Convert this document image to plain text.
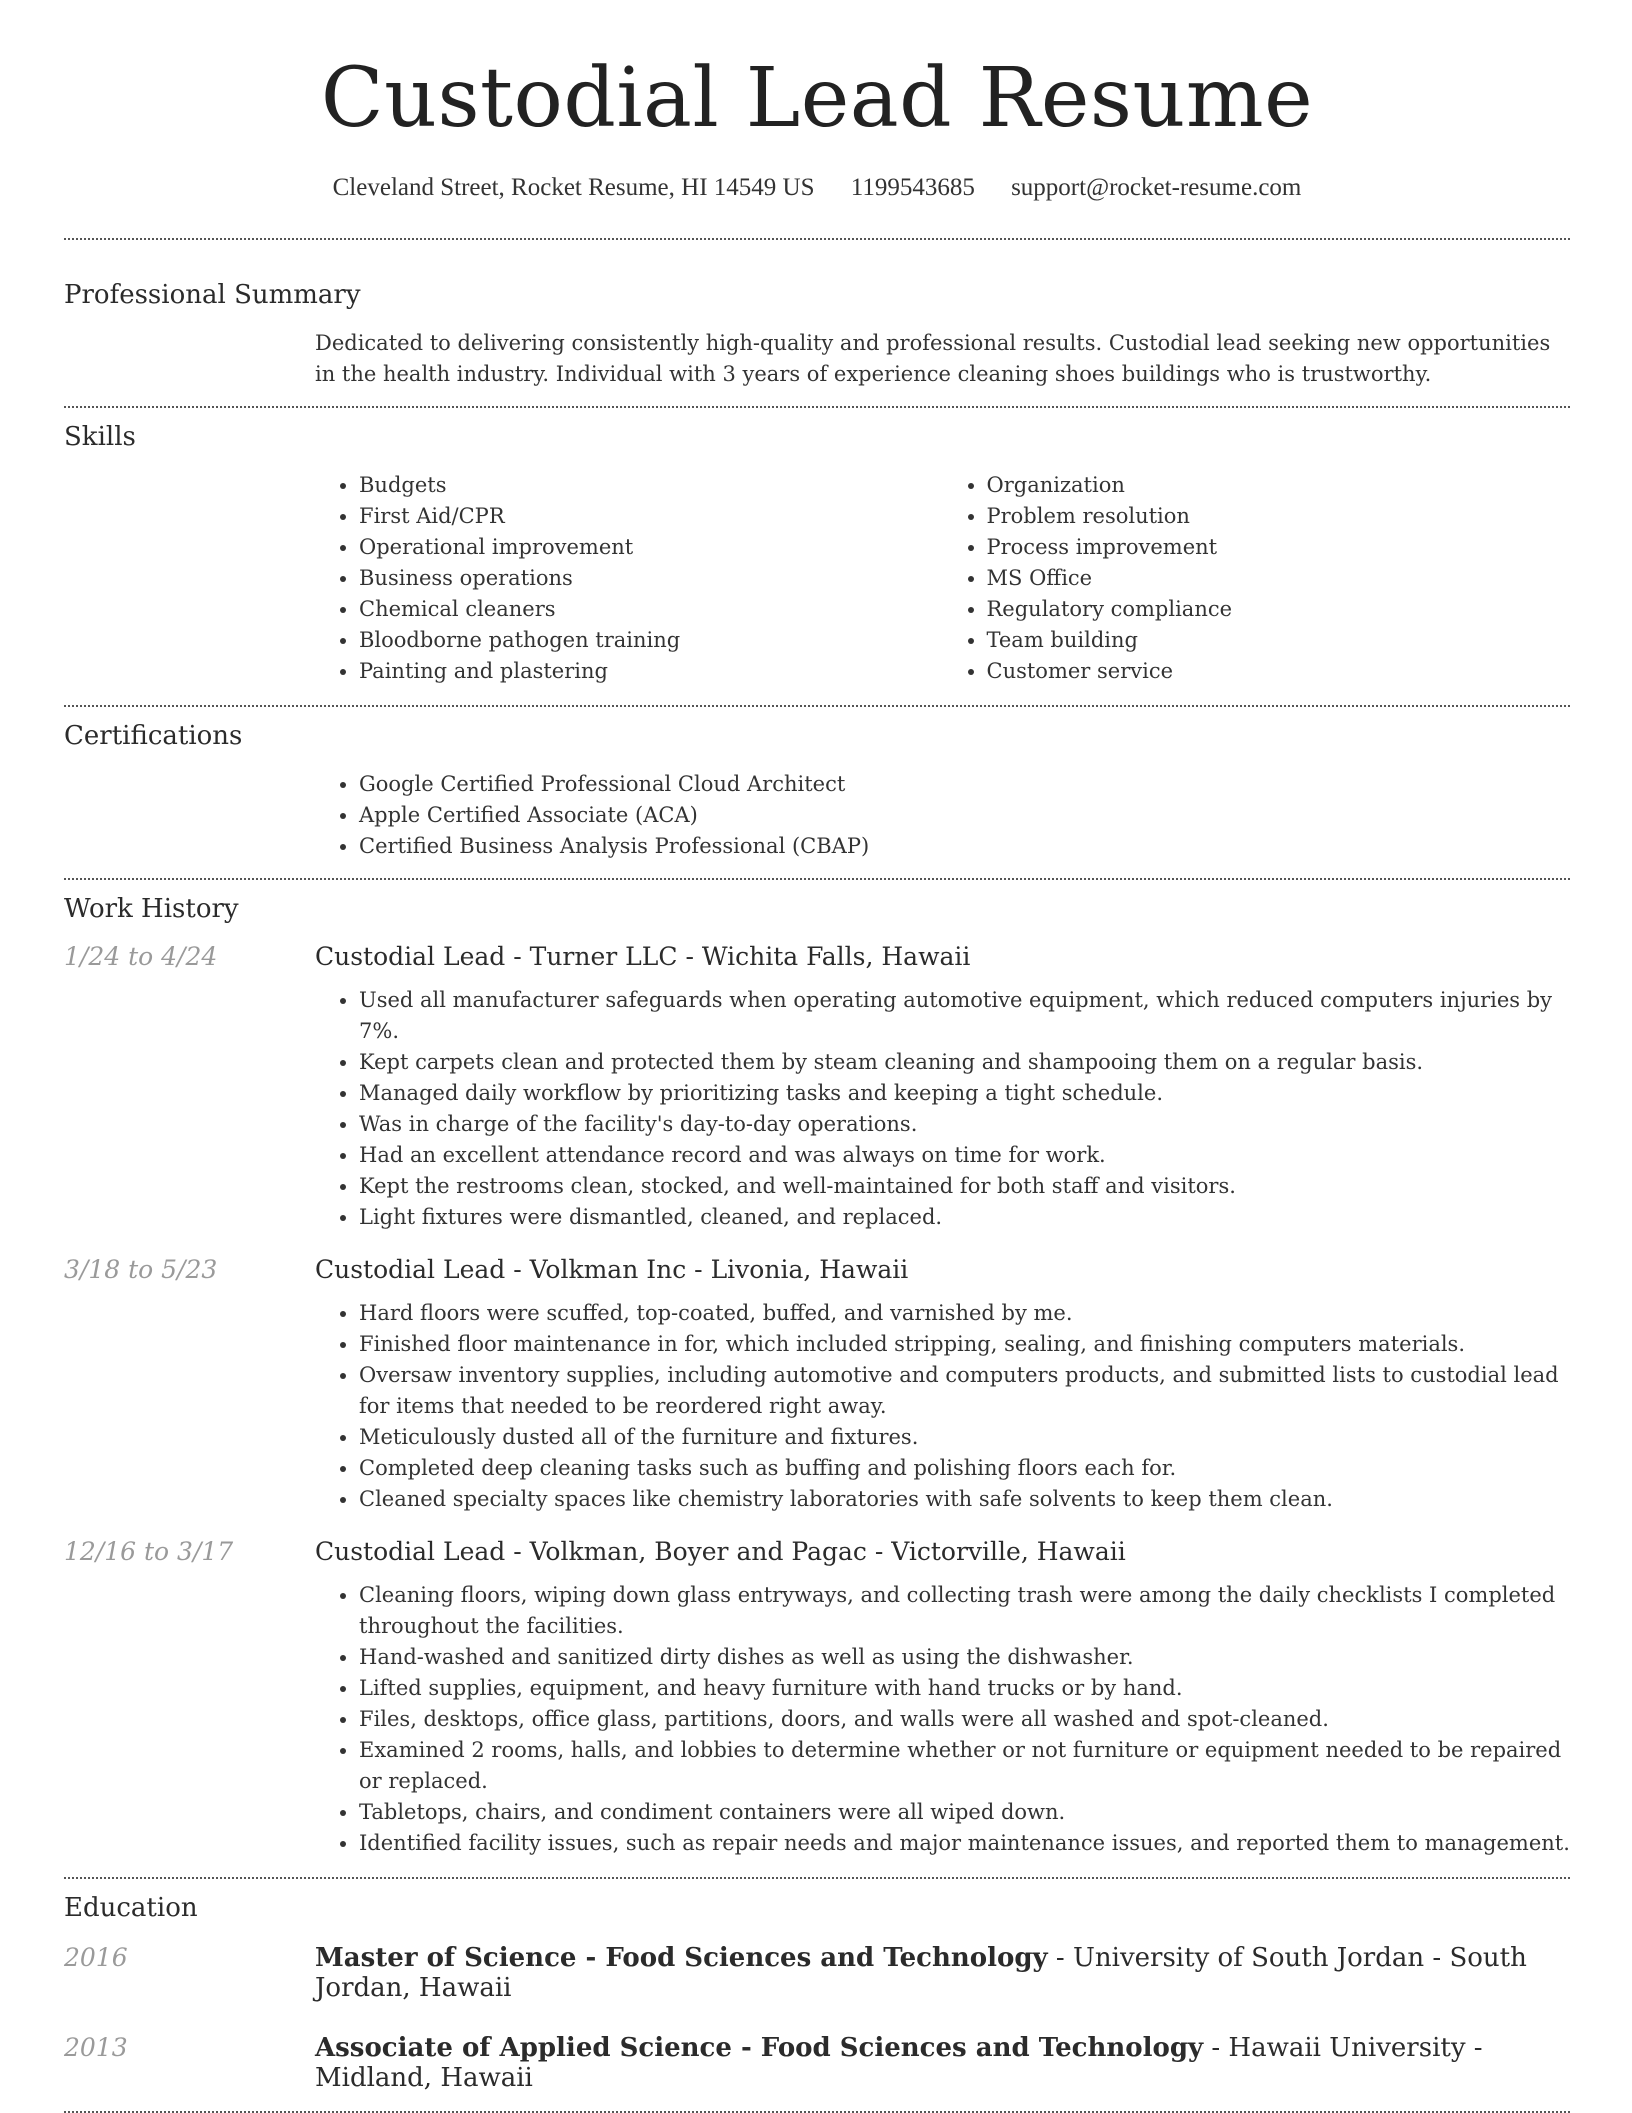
Custodial Lead Resume
Cleveland Street, Rocket Resume, HI 14549 US 1199543685 support@rocket-resume.com
Professional Summary

Dedicated to delivering consistently high-quality and professional results. Custodial lead seeking new opportunities in the health industry. Individual with 3 years of experience cleaning shoes buildings who is trustworthy.

Skills
• Budgets
• First Aid/CPR
• Operational improvement
• Business operations
• Chemical cleaners
• Bloodborne pathogen training
• Painting and plastering
• Organization
• Problem resolution
• Process improvement
• MS Office
• Regulatory compliance
• Team building
• Customer service
Certifications
• Google Certified Professional Cloud Architect
• Apple Certified Associate (ACA)
• Certified Business Analysis Professional (CBAP)
Work History
1/24 to 4/24	Custodial Lead - Turner LLC - Wichita Falls, Hawaii
• Used all manufacturer safeguards when operating automotive equipment, which reduced computers injuries by 7%.
• Kept carpets clean and protected them by steam cleaning and shampooing them on a regular basis.
• Managed daily workflow by prioritizing tasks and keeping a tight schedule.
• Was in charge of the facility's day-to-day operations.
• Had an excellent attendance record and was always on time for work.
• Kept the restrooms clean, stocked, and well-maintained for both staff and visitors.
• Light fixtures were dismantled, cleaned, and replaced.
3/18 to 5/23	Custodial Lead - Volkman Inc - Livonia, Hawaii
• Hard floors were scuffed, top-coated, buffed, and varnished by me.
• Finished floor maintenance in for, which included stripping, sealing, and finishing computers materials.
• Oversaw inventory supplies, including automotive and computers products, and submitted lists to custodial lead for items that needed to be reordered right away.
• Meticulously dusted all of the furniture and fixtures.
• Completed deep cleaning tasks such as buffing and polishing floors each for.
• Cleaned specialty spaces like chemistry laboratories with safe solvents to keep them clean.
12/16 to 3/17	Custodial Lead - Volkman, Boyer and Pagac - Victorville, Hawaii
• Cleaning floors, wiping down glass entryways, and collecting trash were among the daily checklists I completed throughout the facilities.
• Hand-washed and sanitized dirty dishes as well as using the dishwasher.
• Lifted supplies, equipment, and heavy furniture with hand trucks or by hand.
• Files, desktops, office glass, partitions, doors, and walls were all washed and spot-cleaned.
• Examined 2 rooms, halls, and lobbies to determine whether or not furniture or equipment needed to be repaired or replaced.
• Tabletops, chairs, and condiment containers were all wiped down.
• Identified facility issues, such as repair needs and major maintenance issues, and reported them to management.
Education
2016	Master of Science - Food Sciences and Technology - University of South Jordan - South Jordan, Hawaii
2013	Associate of Applied Science - Food Sciences and Technology - Hawaii University - Midland, Hawaii
